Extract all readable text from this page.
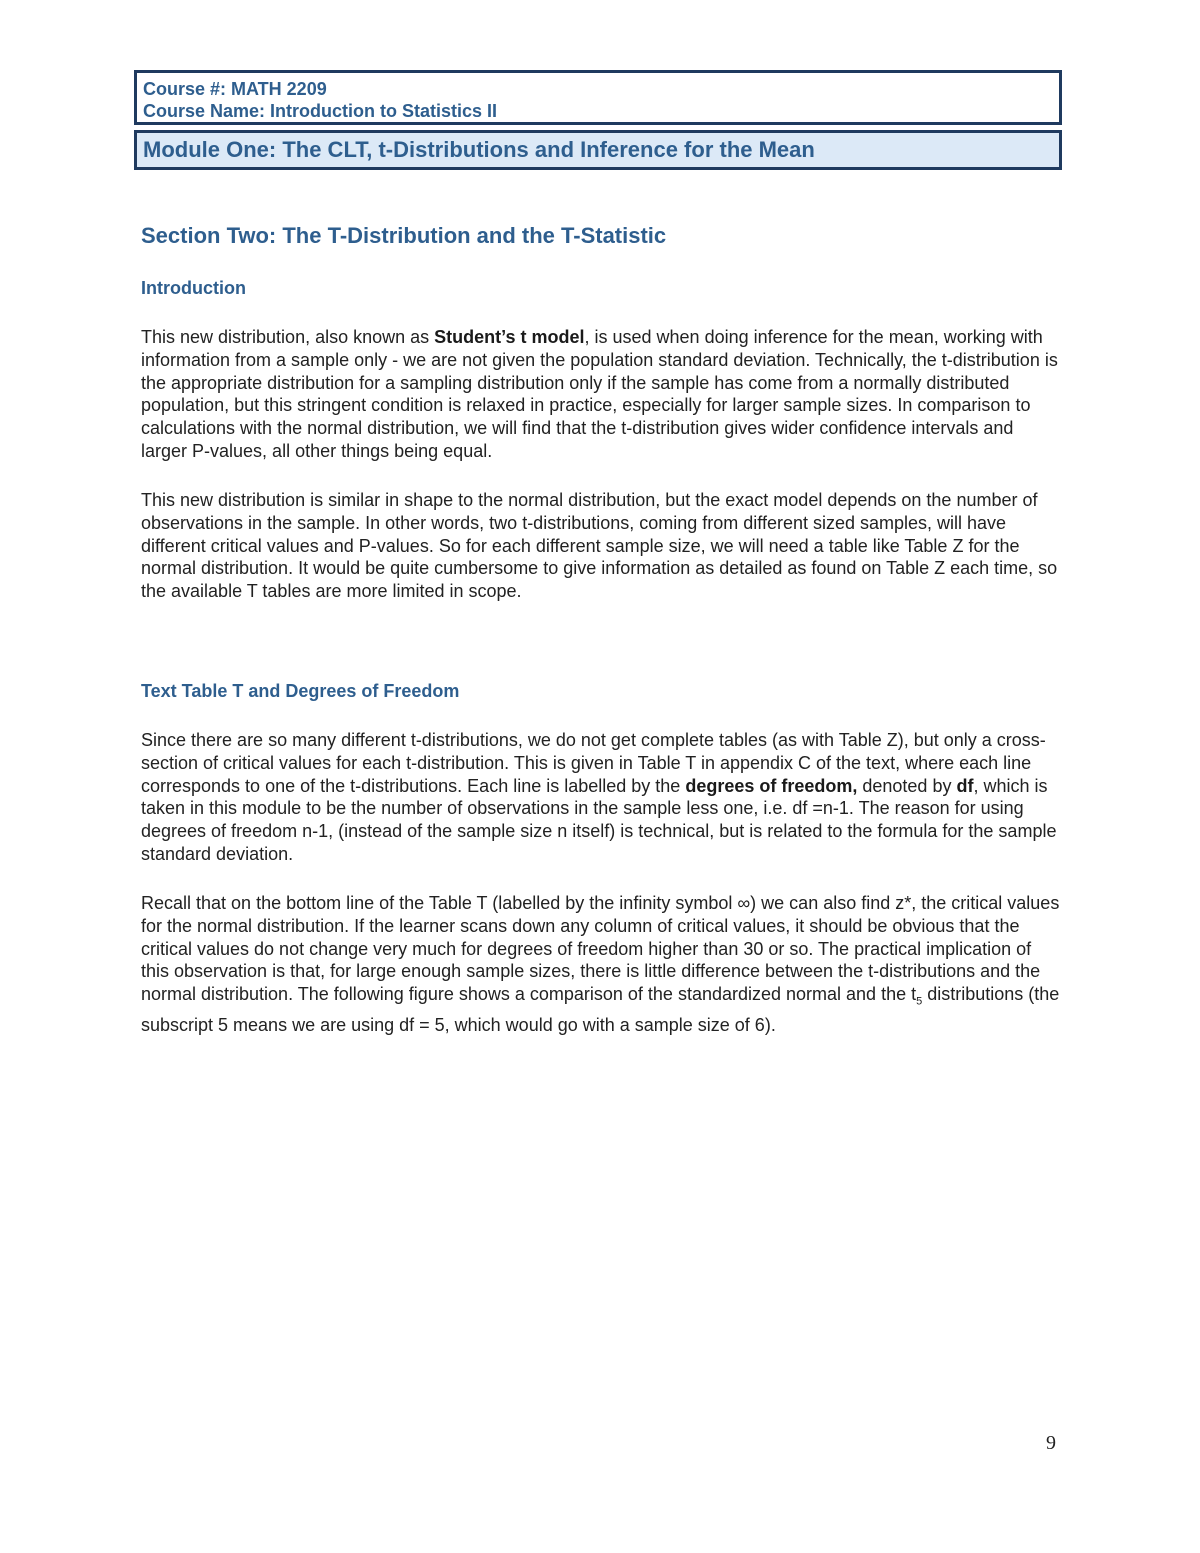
Course #: MATH 2209
Course Name: Introduction to Statistics II
Module One: The CLT, t-Distributions and Inference for the Mean
Section Two: The T-Distribution and the T-Statistic
Introduction
This new distribution, also known as Student’s t model, is used when doing inference for the mean, working with information from a sample only - we are not given the population standard deviation. Technically, the t-distribution is the appropriate distribution for a sampling distribution only if the sample has come from a normally distributed population, but this stringent condition is relaxed in practice, especially for larger sample sizes. In comparison to calculations with the normal distribution, we will find that the t-distribution gives wider confidence intervals and larger P-values, all other things being equal.
This new distribution is similar in shape to the normal distribution, but the exact model depends on the number of observations in the sample. In other words, two t-distributions, coming from different sized samples, will have different critical values and P-values. So for each different sample size, we will need a table like Table Z for the normal distribution. It would be quite cumbersome to give information as detailed as found on Table Z each time, so the available T tables are more limited in scope.
Text Table T and Degrees of Freedom
Since there are so many different t-distributions, we do not get complete tables (as with Table Z), but only a cross-section of critical values for each t-distribution. This is given in Table T in appendix C of the text, where each line corresponds to one of the t-distributions. Each line is labelled by the degrees of freedom, denoted by df, which is taken in this module to be the number of observations in the sample less one, i.e. df =n-1. The reason for using degrees of freedom n-1, (instead of the sample size n itself) is technical, but is related to the formula for the sample standard deviation.
Recall that on the bottom line of the Table T (labelled by the infinity symbol ∞) we can also find z*, the critical values for the normal distribution. If the learner scans down any column of critical values, it should be obvious that the critical values do not change very much for degrees of freedom higher than 30 or so. The practical implication of this observation is that, for large enough sample sizes, there is little difference between the t-distributions and the normal distribution. The following figure shows a comparison of the standardized normal and the $t_5$ distributions (the subscript 5 means we are using df = 5, which would go with a sample size of 6).
9
